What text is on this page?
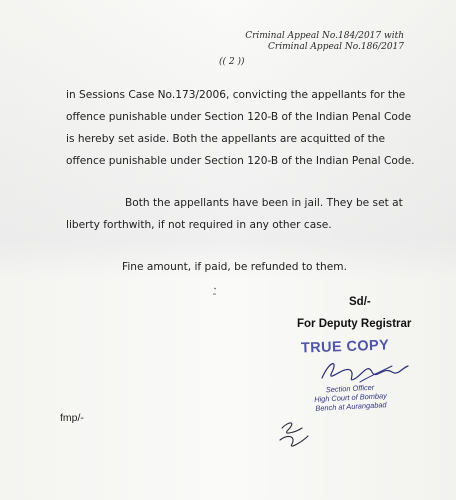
Criminal Appeal No.184/2017 with
Criminal Appeal No.186/2017
(( 2 ))
in Sessions Case No.173/2006, convicting the appellants for the
offence punishable under Section 120-B of the Indian Penal Code
is hereby set aside. Both the appellants are acquitted of the
offence punishable under Section 120-B of the Indian Penal Code.
Both the appellants have been in jail. They be set at
liberty forthwith, if not required in any other case.
Fine amount, if paid, be refunded to them.
Sd/-
For Deputy Registrar
TRUE COPY
Section Officer
High Court of Bombay
Bench at Aurangabad
fmp/-
